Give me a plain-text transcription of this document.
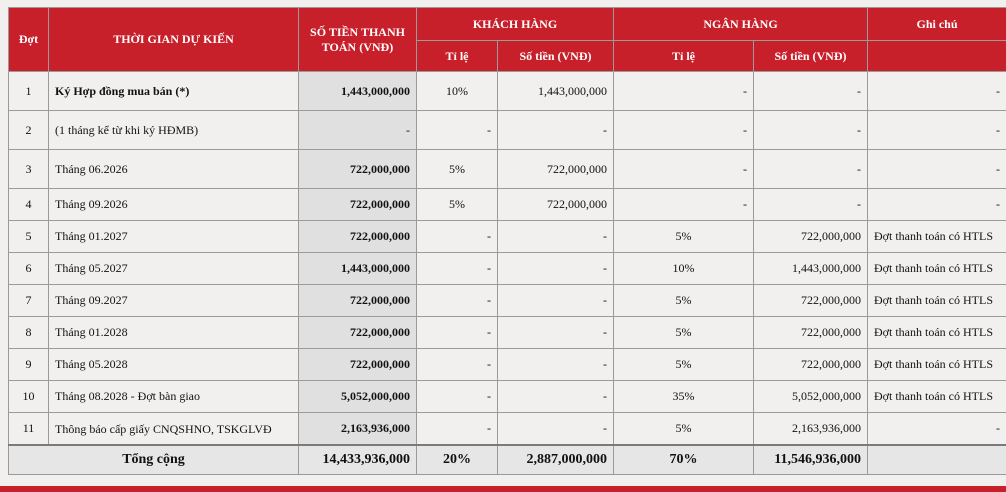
Đợt	THỜI GIAN DỰ KIẾN	SỐ TIỀN THANH TOÁN (VNĐ)	KHÁCH HÀNG		NGÂN HÀNG		Ghi chú
			Tỉ lệ	Số tiền (VNĐ)	Tỉ lệ	Số tiền (VNĐ)	
1	Ký Hợp đồng mua bán (*)	1,443,000,000	10%	1,443,000,000	-	-	-
2	(1 tháng kể từ khi ký HĐMB)	-	-	-	-	-	-
3	Tháng 06.2026	722,000,000	5%	722,000,000	-	-	-
4	Tháng 09.2026	722,000,000	5%	722,000,000	-	-	-
5	Tháng 01.2027	722,000,000	-	-	5%	722,000,000	Đợt thanh toán có HTLS
6	Tháng 05.2027	1,443,000,000	-	-	10%	1,443,000,000	Đợt thanh toán có HTLS
7	Tháng 09.2027	722,000,000	-	-	5%	722,000,000	Đợt thanh toán có HTLS
8	Tháng 01.2028	722,000,000	-	-	5%	722,000,000	Đợt thanh toán có HTLS
9	Tháng 05.2028	722,000,000	-	-	5%	722,000,000	Đợt thanh toán có HTLS
10	Tháng 08.2028 - Đợt bàn giao	5,052,000,000	-	-	35%	5,052,000,000	Đợt thanh toán có HTLS
11	Thông báo cấp giấy CNQSHNO, TSKGLVĐ	2,163,936,000	-	-	5%	2,163,936,000	-
Tổng cộng		14,433,936,000	20%	2,887,000,000	70%	11,546,936,000	
